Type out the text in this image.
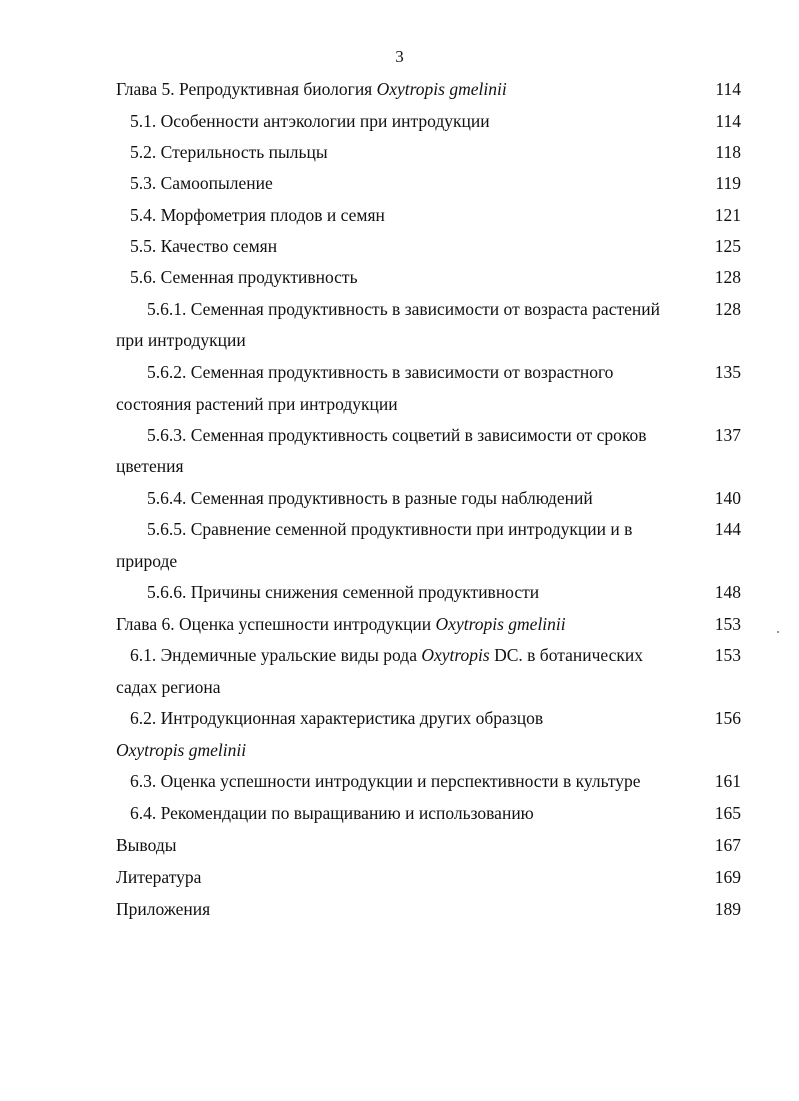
3
Глава 5. Репродуктивная биология Oxytropis gmelinii	114
5.1. Особенности антэкологии при интродукции	114
5.2. Стерильность пыльцы	118
5.3. Самоопыление	119
5.4. Морфометрия плодов и семян	121
5.5. Качество семян	125
5.6. Семенная продуктивность	128
5.6.1. Семенная продуктивность в зависимости от возраста растений	128
при интродукции
5.6.2. Семенная продуктивность в зависимости от возрастного	135
состояния растений при интродукции
5.6.3. Семенная продуктивность соцветий в зависимости от сроков	137
цветения
5.6.4. Семенная продуктивность в разные годы наблюдений	140
5.6.5. Сравнение семенной продуктивности при интродукции и в	144
природе
5.6.6. Причины снижения семенной продуктивности	148
Глава 6. Оценка успешности интродукции Oxytropis gmelinii	153
6.1. Эндемичные уральские виды рода Oxytropis DC. в ботанических	153
садах региона
6.2. Интродукционная характеристика других образцов	156
Oxytropis gmelinii
6.3. Оценка успешности интродукции и перспективности в культуре	161
6.4. Рекомендации по выращиванию и использованию	165
Выводы	167
Литература	169
Приложения	189
